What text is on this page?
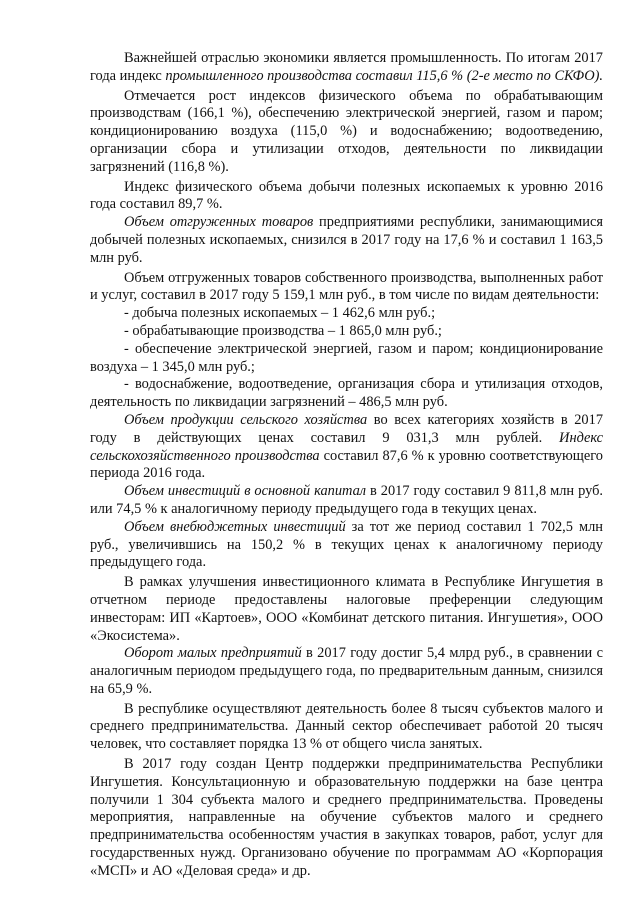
Важнейшей отраслью экономики является промышленность. По итогам 2017 года индекс промышленного производства составил 115,6 % (2-е место по СКФО).

Отмечается рост индексов физического объема по обрабатывающим производствам (166,1 %), обеспечению электрической энергией, газом и паром; кондиционированию воздуха (115,0 %) и водоснабжению; водоотведению, организации сбора и утилизации отходов, деятельности по ликвидации загрязнений (116,8 %).

Индекс физического объема добычи полезных ископаемых к уровню 2016 года составил 89,7 %.

Объем отгруженных товаров предприятиями республики, занимающимися добычей полезных ископаемых, снизился в 2017 году на 17,6 % и составил 1 163,5 млн руб.

Объем отгруженных товаров собственного производства, выполненных работ и услуг, составил в 2017 году 5 159,1 млн руб., в том числе по видам деятельности:

- добыча полезных ископаемых – 1 462,6 млн руб.;

- обрабатывающие производства – 1 865,0 млн руб.;

- обеспечение электрической энергией, газом и паром; кондиционирование воздуха – 1 345,0 млн руб.;

- водоснабжение, водоотведение, организация сбора и утилизация отходов, деятельность по ликвидации загрязнений – 486,5 млн руб.

Объем продукции сельского хозяйства во всех категориях хозяйств в 2017 году в действующих ценах составил 9 031,3 млн рублей. Индекс сельскохозяйственного производства составил 87,6 % к уровню соответствующего периода 2016 года.

Объем инвестиций в основной капитал в 2017 году составил 9 811,8 млн руб. или 74,5 % к аналогичному периоду предыдущего года в текущих ценах.

Объем внебюджетных инвестиций за тот же период составил 1 702,5 млн руб., увеличившись на 150,2 % в текущих ценах к аналогичному периоду предыдущего года.

В рамках улучшения инвестиционного климата в Республике Ингушетия в отчетном периоде предоставлены налоговые преференции следующим инвесторам: ИП «Картоев», ООО «Комбинат детского питания. Ингушетия», ООО «Экосистема».

Оборот малых предприятий в 2017 году достиг 5,4 млрд руб., в сравнении с аналогичным периодом предыдущего года, по предварительным данным, снизился на 65,9 %.

В республике осуществляют деятельность более 8 тысяч субъектов малого и среднего предпринимательства. Данный сектор обеспечивает работой 20 тысяч человек, что составляет порядка 13 % от общего числа занятых.

В 2017 году создан Центр поддержки предпринимательства Республики Ингушетия. Консультационную и образовательную поддержки на базе центра получили 1 304 субъекта малого и среднего предпринимательства. Проведены мероприятия, направленные на обучение субъектов малого и среднего предпринимательства особенностям участия в закупках товаров, работ, услуг для государственных нужд. Организовано обучение по программам АО «Корпорация «МСП» и АО «Деловая среда» и др.
